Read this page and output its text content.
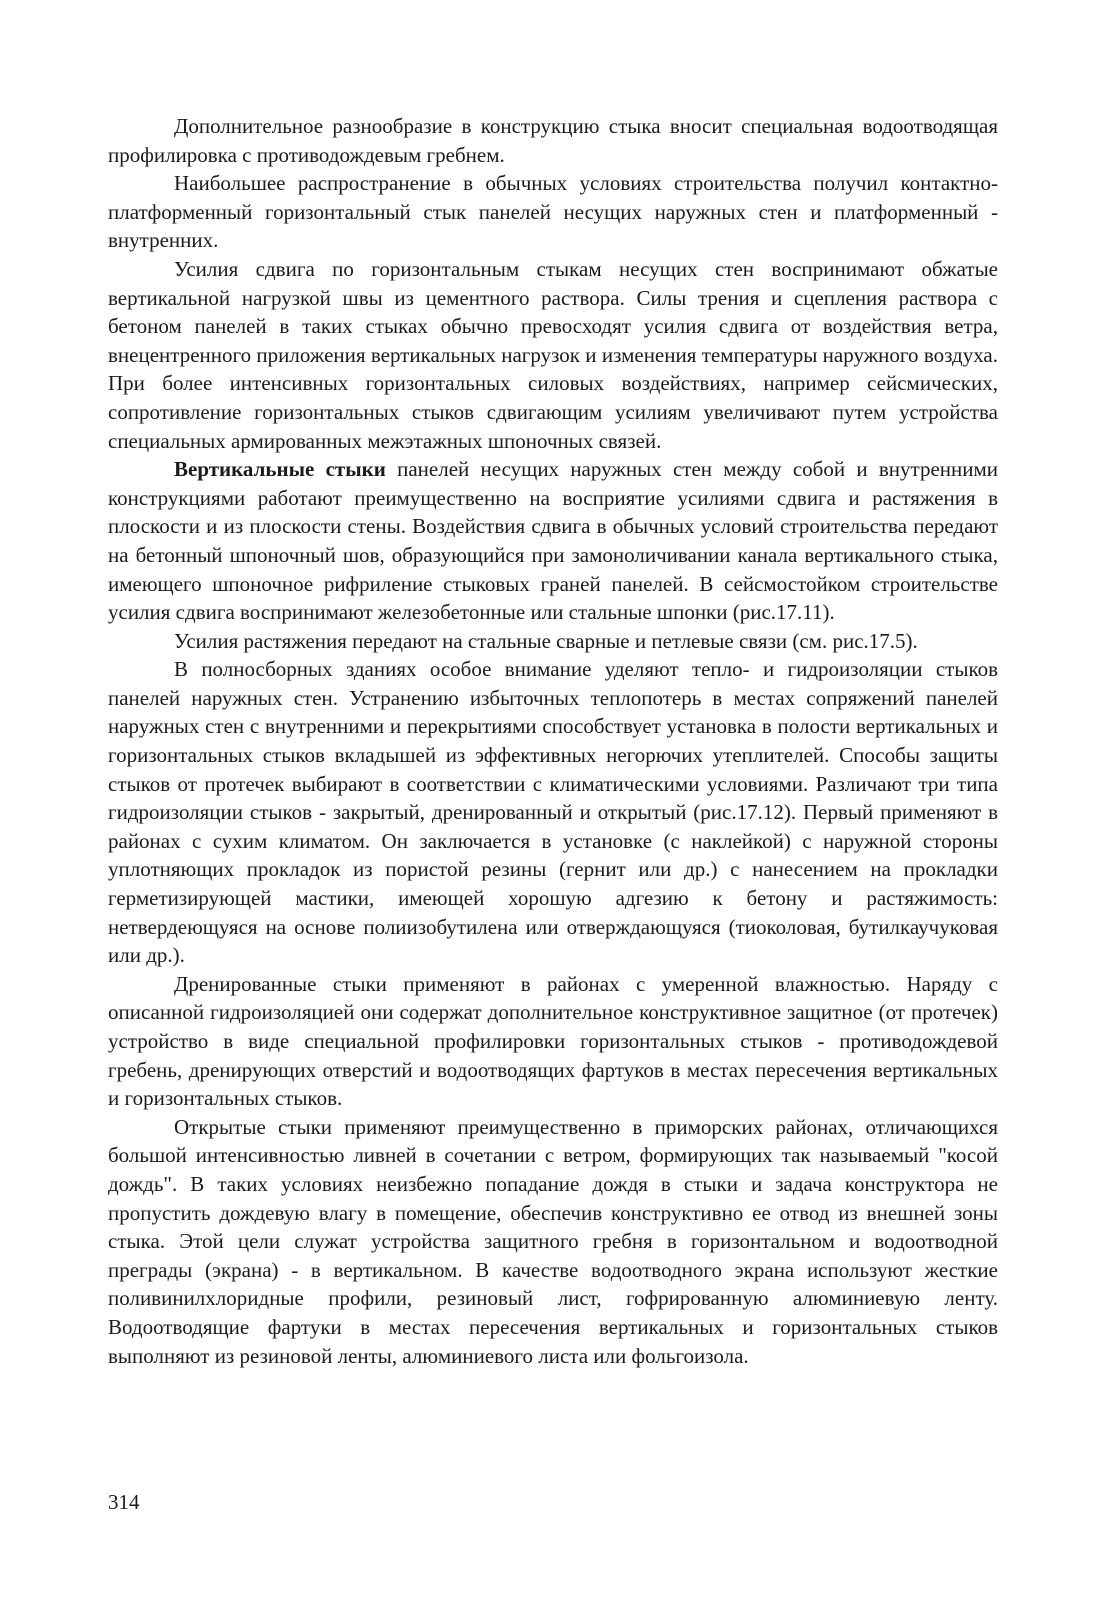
Дополнительное разнообразие в конструкцию стыка вносит специальная водоотводящая профилировка с противодождевым гребнем.

Наибольшее распространение в обычных условиях строительства получил контактно-платформенный горизонтальный стык панелей несущих наружных стен и платформенный - внутренних.

Усилия сдвига по горизонтальным стыкам несущих стен воспринимают обжатые вертикальной нагрузкой швы из цементного раствора. Силы трения и сцепления раствора с бетоном панелей в таких стыках обычно превосходят усилия сдвига от воздействия ветра, внецентренного приложения вертикальных нагрузок и изменения температуры наружного воздуха. При более интенсивных горизонтальных силовых воздействиях, например сейсмических, сопротивление горизонтальных стыков сдвигающим усилиям увеличивают путем устройства специальных армированных межэтажных шпоночных связей.

Вертикальные стыки панелей несущих наружных стен между собой и внутренними конструкциями работают преимущественно на восприятие усилиями сдвига и растяжения в плоскости и из плоскости стены. Воздействия сдвига в обычных условий строительства передают на бетонный шпоночный шов, образующийся при замоноличивании канала вертикального стыка, имеющего шпоночное рифриление стыковых граней панелей. В сейсмостойком строительстве усилия сдвига воспринимают железобетонные или стальные шпонки (рис.17.11).

Усилия растяжения передают на стальные сварные и петлевые связи (см. рис.17.5).

В полносборных зданиях особое внимание уделяют тепло- и гидроизоляции стыков панелей наружных стен. Устранению избыточных теплопотерь в местах сопряжений панелей наружных стен с внутренними и перекрытиями способствует установка в полости вертикальных и горизонтальных стыков вкладышей из эффективных негорючих утеплителей. Способы защиты стыков от протечек выбирают в соответствии с климатическими условиями. Различают три типа гидроизоляции стыков - закрытый, дренированный и открытый (рис.17.12). Первый применяют в районах с сухим климатом. Он заключается в установке (с наклейкой) с наружной стороны уплотняющих прокладок из пористой резины (гернит или др.) с нанесением на прокладки герметизирующей мастики, имеющей хорошую адгезию к бетону и растяжимость: нетвердеющуяся на основе полиизобутилена или отверждающуяся (тиоколовая, бутилкаучуковая или др.).

Дренированные стыки применяют в районах с умеренной влажностью. Наряду с описанной гидроизоляцией они содержат дополнительное конструктивное защитное (от протечек) устройство в виде специальной профилировки горизонтальных стыков - противодождевой гребень, дренирующих отверстий и водоотводящих фартуков в местах пересечения вертикальных и горизонтальных стыков.

Открытые стыки применяют преимущественно в приморских районах, отличающихся большой интенсивностью ливней в сочетании с ветром, формирующих так называемый "косой дождь". В таких условиях неизбежно попадание дождя в стыки и задача конструктора не пропустить дождевую влагу в помещение, обеспечив конструктивно ее отвод из внешней зоны стыка. Этой цели служат устройства защитного гребня в горизонтальном и водоотводной преграды (экрана) - в вертикальном. В качестве водоотводного экрана используют жесткие поливинилхлоридные профили, резиновый лист, гофрированную алюминиевую ленту. Водоотводящие фартуки в местах пересечения вертикальных и горизонтальных стыков выполняют из резиновой ленты, алюминиевого листа или фольгоизола.

314
